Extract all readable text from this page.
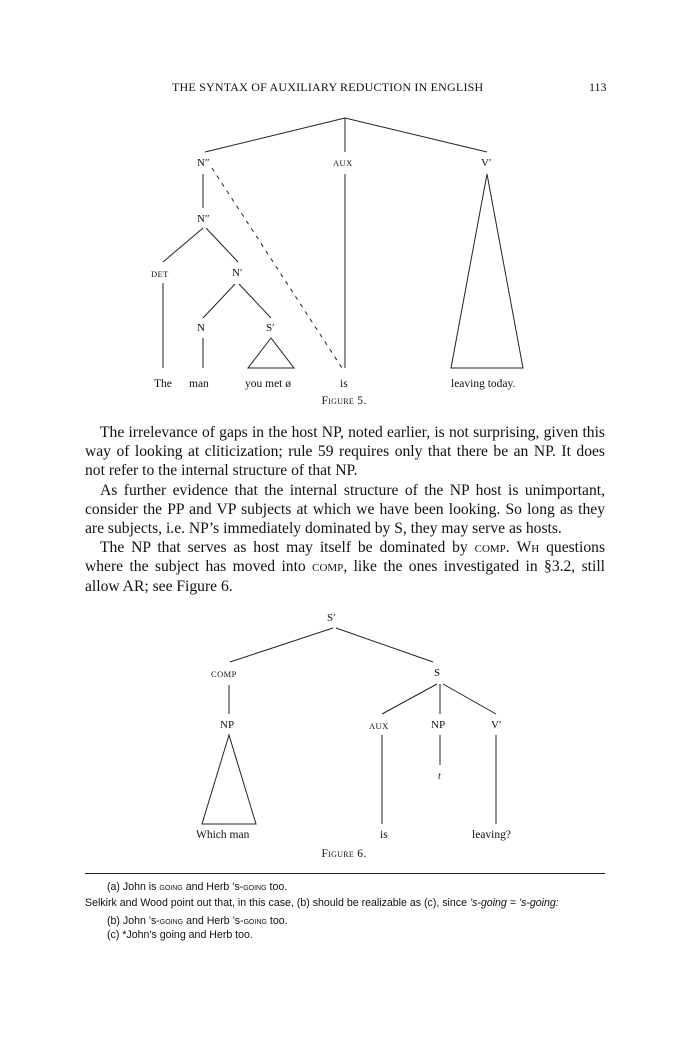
THE SYNTAX OF AUXILIARY REDUCTION IN ENGLISH	113
N″	AUX	V′
N″
DET	N′
N	S′
The man	you met ø	is	leaving today.
Figure 5.

The irrelevance of gaps in the host NP, noted earlier, is not surprising, given this way of looking at cliticization; rule 59 requires only that there be an NP. It does not refer to the internal structure of that NP.

As further evidence that the internal structure of the NP host is unimportant, consider the PP and VP subjects at which we have been looking. So long as they are subjects, i.e. NP’s immediately dominated by S, they may serve as hosts.

The NP that serves as host may itself be dominated by comp. Wh questions where the subject has moved into comp, like the ones investigated in §3.2, still allow AR; see Figure 6.

S′
COMP	S
NP	AUX	NP	V′
t
Which man	is	leaving?
Figure 6.
(a) John is going and Herb ’s-going too.
Selkirk and Wood point out that, in this case, (b) should be realizable as (c), since ’s-going = ’s-going:
(b) John ’s-going and Herb ’s-going too.
(c) *John’s going and Herb too.
